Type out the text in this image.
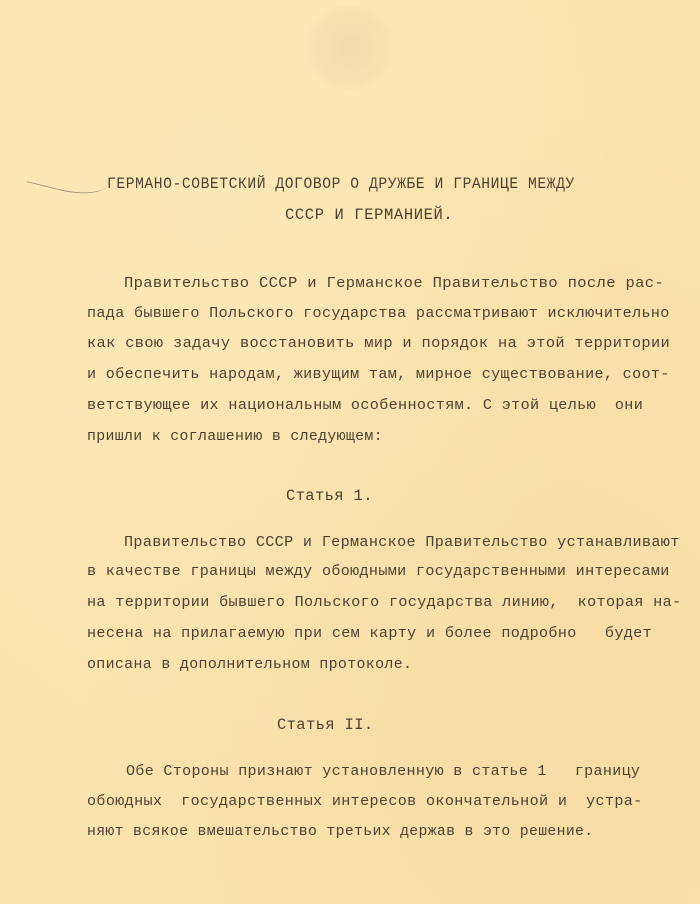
ГЕРМАНО-СОВЕТСКИЙ ДОГОВОР О ДРУЖБЕ И ГРАНИЦЕ МЕЖДУ
СССР И ГЕРМАНИЕЙ.
Правительство СССР и Германское Правительство после рас-
пада бывшего Польского государства рассматривают исключительно
как свою задачу восстановить мир и порядок на этой территории
и обеспечить народам, живущим там, мирное существование, соот-
ветствующее их национальным особенностям. С этой целью  они
пришли к соглашению в следующем:
Статья 1.
Правительство СССР и Германское Правительство устанавливают
в качестве границы между обоюдными государственными интересами
на территории бывшего Польского государства линию,  которая на-
несена на прилагаемую при сем карту и более подробно   будет
описана в дополнительном протоколе.
Статья II.
Обе Стороны признают установленную в статье 1   границу
обоюдных  государственных интересов окончательной и  устра-
няют всякое вмешательство третьих держав в это решение.
